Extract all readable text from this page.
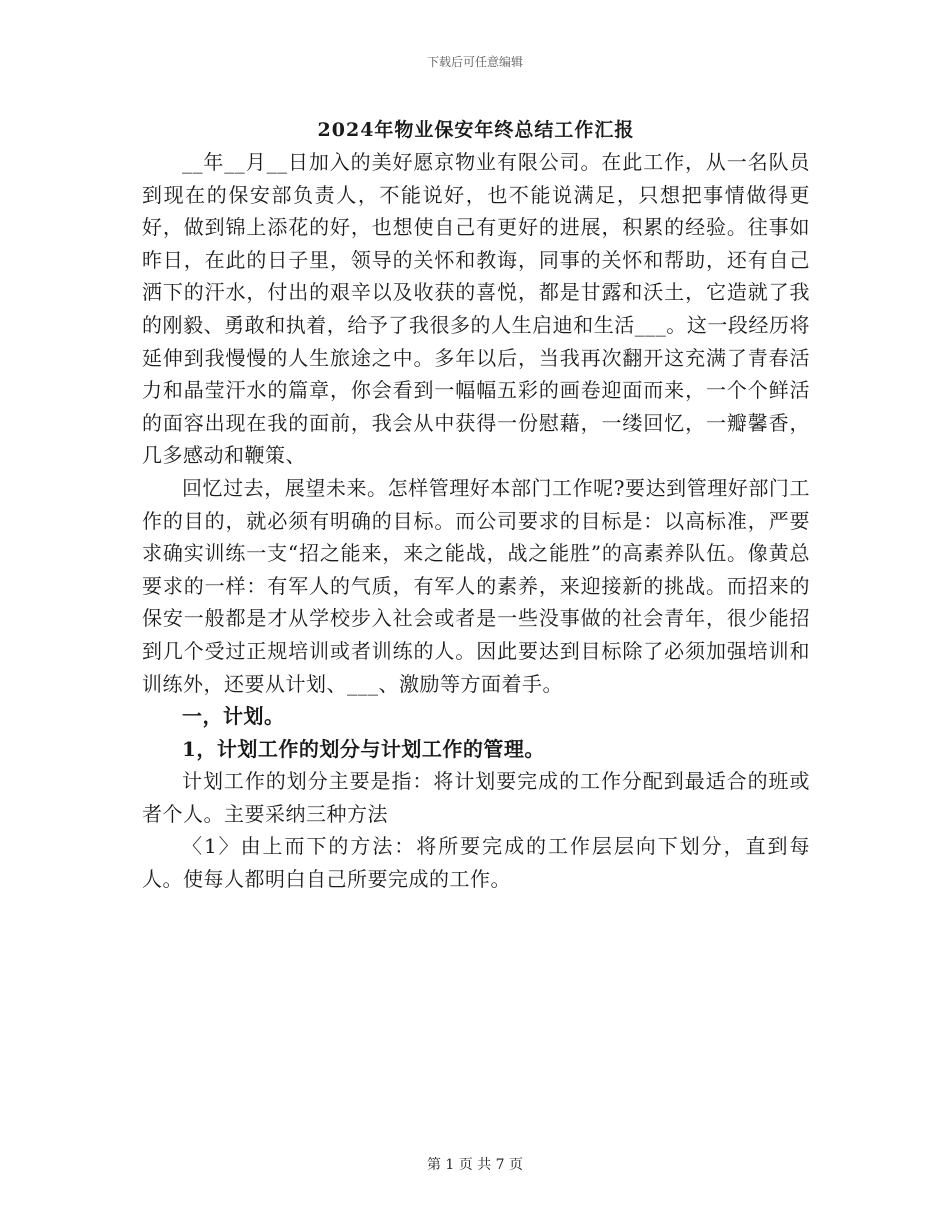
下载后可任意编辑
2024年物业保安年终总结工作汇报

__年__月__日加入的美好愿京物业有限公司。在此工作，从一名队员到现在的保安部负责人，不能说好，也不能说满足，只想把事情做得更好，做到锦上添花的好，也想使自己有更好的进展，积累的经验。往事如昨日，在此的日子里，领导的关怀和教诲，同事的关怀和帮助，还有自己洒下的汗水，付出的艰辛以及收获的喜悦，都是甘露和沃土，它造就了我的刚毅、勇敢和执着，给予了我很多的人生启迪和生活___。这一段经历将延伸到我慢慢的人生旅途之中。多年以后，当我再次翻开这充满了青春活力和晶莹汗水的篇章，你会看到一幅幅五彩的画卷迎面而来，一个个鲜活的面容出现在我的面前，我会从中获得一份慰藉，一缕回忆，一瓣馨香，几多感动和鞭策、

回忆过去，展望未来。怎样管理好本部门工作呢?要达到管理好部门工作的目的，就必须有明确的目标。而公司要求的目标是：以高标准，严要求确实训练一支“招之能来，来之能战，战之能胜”的高素养队伍。像黄总要求的一样：有军人的气质，有军人的素养，来迎接新的挑战。而招来的保安一般都是才从学校步入社会或者是一些没事做的社会青年，很少能招到几个受过正规培训或者训练的人。因此要达到目标除了必须加强培训和训练外，还要从计划、___、激励等方面着手。

一，计划。

1，计划工作的划分与计划工作的管理。

计划工作的划分主要是指：将计划要完成的工作分配到最适合的班或者个人。主要采纳三种方法

〈1〉由上而下的方法：将所要完成的工作层层向下划分，直到每人。使每人都明白自己所要完成的工作。

第 1 页 共 7 页
